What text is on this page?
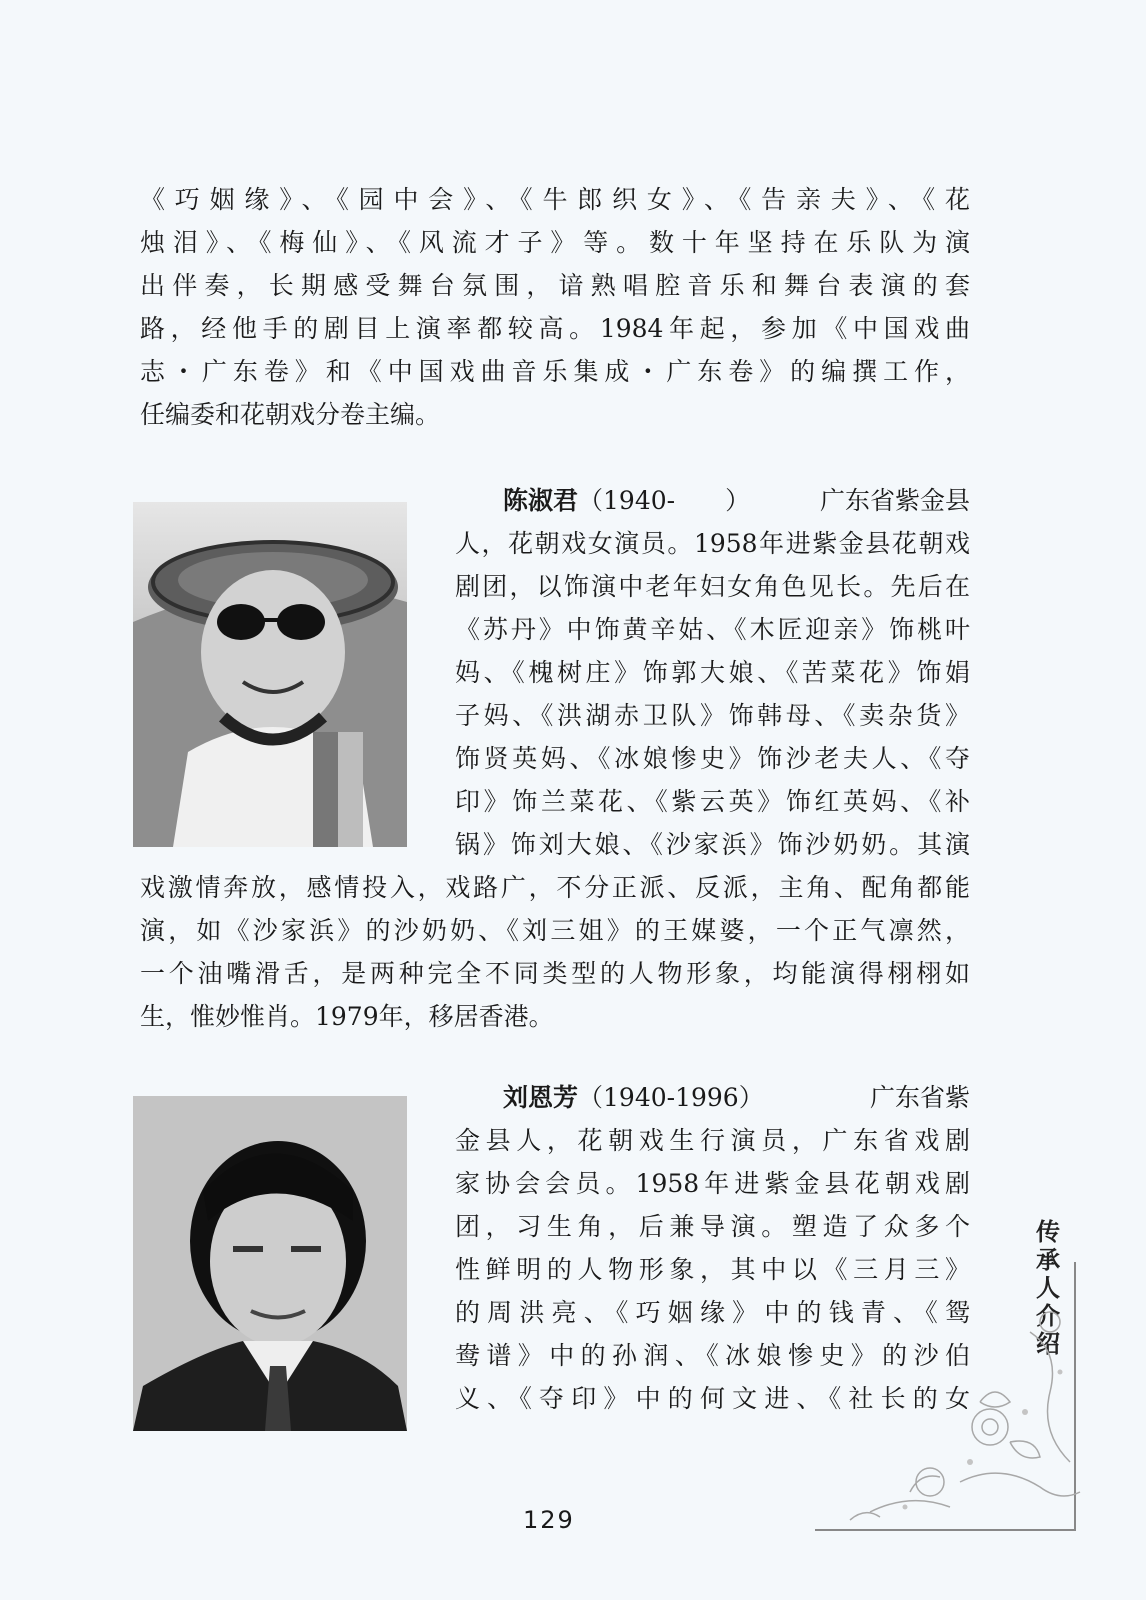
《巧姻缘》、《园中会》、《牛郎织女》、《告亲夫》、《花
烛泪》、《梅仙》、《风流才子》等。数十年坚持在乐队为演
出伴奏，长期感受舞台氛围，谙熟唱腔音乐和舞台表演的套
路，经他手的剧目上演率都较高。1984年起，参加《中国戏曲
志・广东卷》和《中国戏曲音乐集成・广东卷》的编撰工作，
任编委和花朝戏分卷主编。
陈淑君（1940-　　）	广东省紫金县
人，花朝戏女演员。1958年进紫金县花朝戏
剧团，以饰演中老年妇女角色见长。先后在
《苏丹》中饰黄辛姑、《木匠迎亲》饰桃叶
妈、《槐树庄》饰郭大娘、《苦菜花》饰娟
子妈、《洪湖赤卫队》饰韩母、《卖杂货》
饰贤英妈、《冰娘惨史》饰沙老夫人、《夺
印》饰兰菜花、《紫云英》饰红英妈、《补
锅》饰刘大娘、《沙家浜》饰沙奶奶。其演
戏激情奔放，感情投入，戏路广，不分正派、反派，主角、配角都能
演，如《沙家浜》的沙奶奶、《刘三姐》的王媒婆，一个正气凛然，
一个油嘴滑舌，是两种完全不同类型的人物形象，均能演得栩栩如
生，惟妙惟肖。1979年，移居香港。
刘恩芳（1940-1996）	广东省紫
金县人，花朝戏生行演员，广东省戏剧
家协会会员。1958年进紫金县花朝戏剧
团，习生角，后兼导演。塑造了众多个
性鲜明的人物形象，其中以《三月三》
的周洪亮、《巧姻缘》中的钱青、《鸳
鸯谱》中的孙润、《冰娘惨史》的沙伯
义、《夺印》中的何文进、《社长的女
传承人介绍
129
